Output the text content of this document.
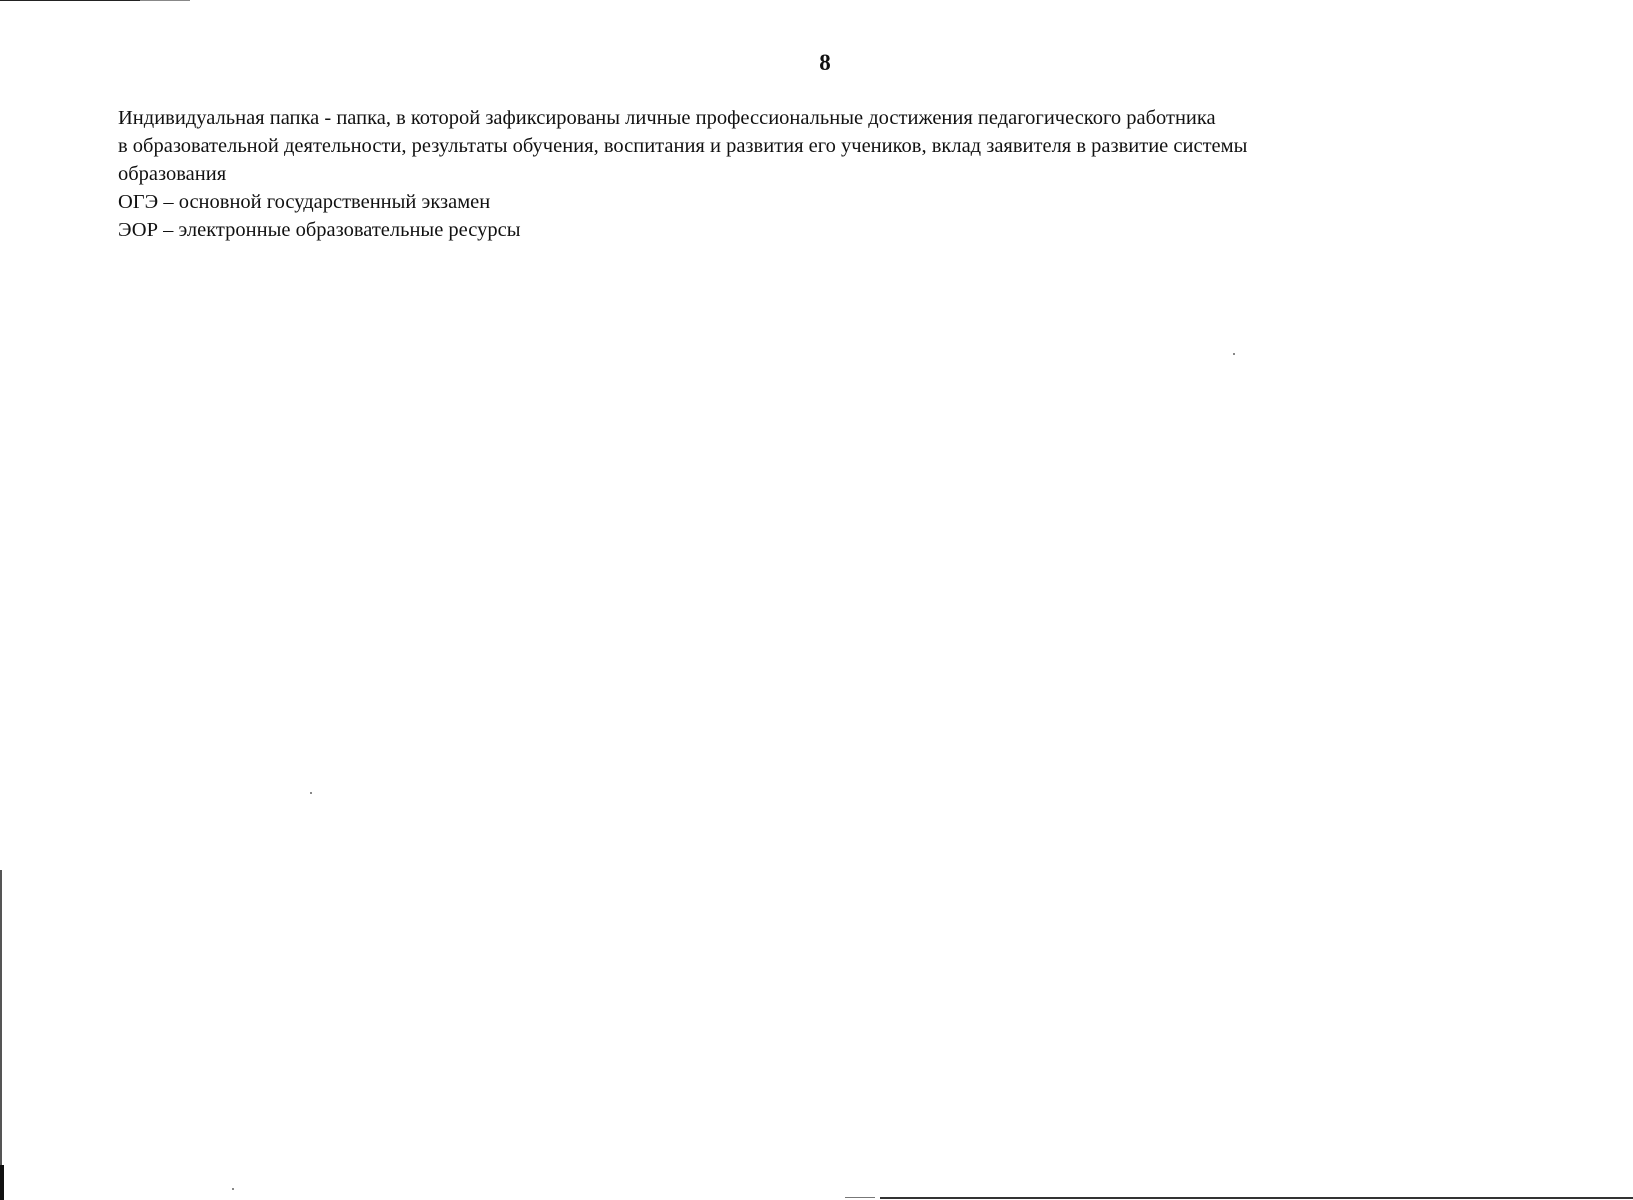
8

Индивидуальная папка - папка, в которой зафиксированы личные профессиональные достижения педагогического работника

в образовательной деятельности, результаты обучения, воспитания и развития его учеников, вклад заявителя в развитие системы

образования

ОГЭ – основной государственный экзамен

ЭОР – электронные образовательные ресурсы
